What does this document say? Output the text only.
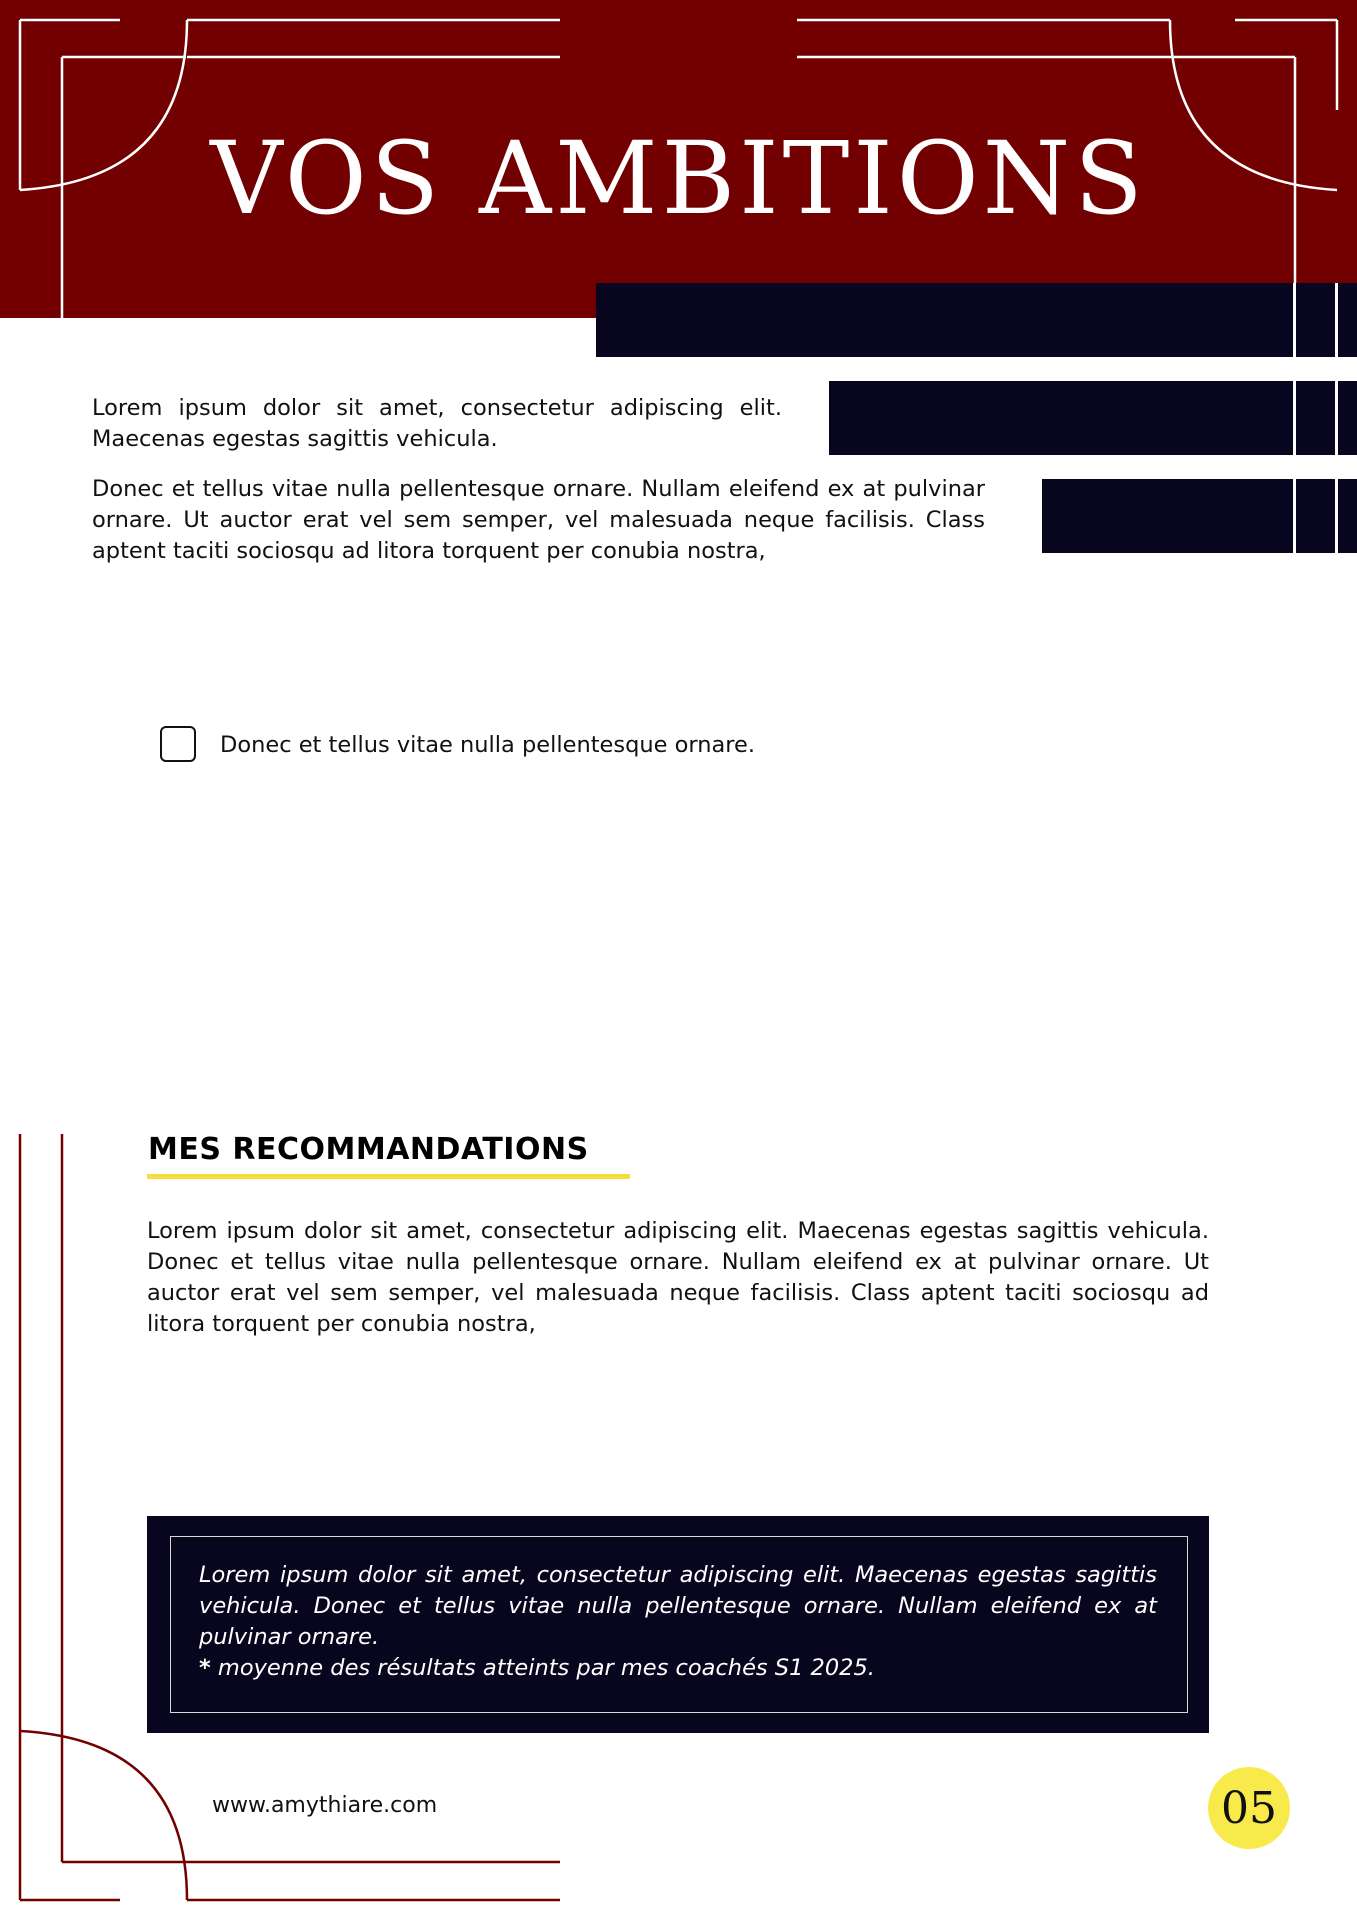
VOS AMBITIONS

Lorem ipsum dolor sit amet, consectetur adipiscing elit. Maecenas egestas sagittis vehicula.

Donec et tellus vitae nulla pellentesque ornare. Nullam eleifend ex at pulvinar ornare. Ut auctor erat vel sem semper, vel malesuada neque facilisis. Class aptent taciti sociosqu ad litora torquent per conubia nostra,

Donec et tellus vitae nulla pellentesque ornare.

MES RECOMMANDATIONS

Lorem ipsum dolor sit amet, consectetur adipiscing elit. Maecenas egestas sagittis vehicula. Donec et tellus vitae nulla pellentesque ornare. Nullam eleifend ex at pulvinar ornare. Ut auctor erat vel sem semper, vel malesuada neque facilisis. Class aptent taciti sociosqu ad litora torquent per conubia nostra,

Lorem ipsum dolor sit amet, consectetur adipiscing elit. Maecenas egestas sagittis vehicula. Donec et tellus vitae nulla pellentesque ornare. Nullam eleifend ex at pulvinar ornare.

* moyenne des résultats atteints par mes coachés S1 2025.

www.amythiare.com	05
